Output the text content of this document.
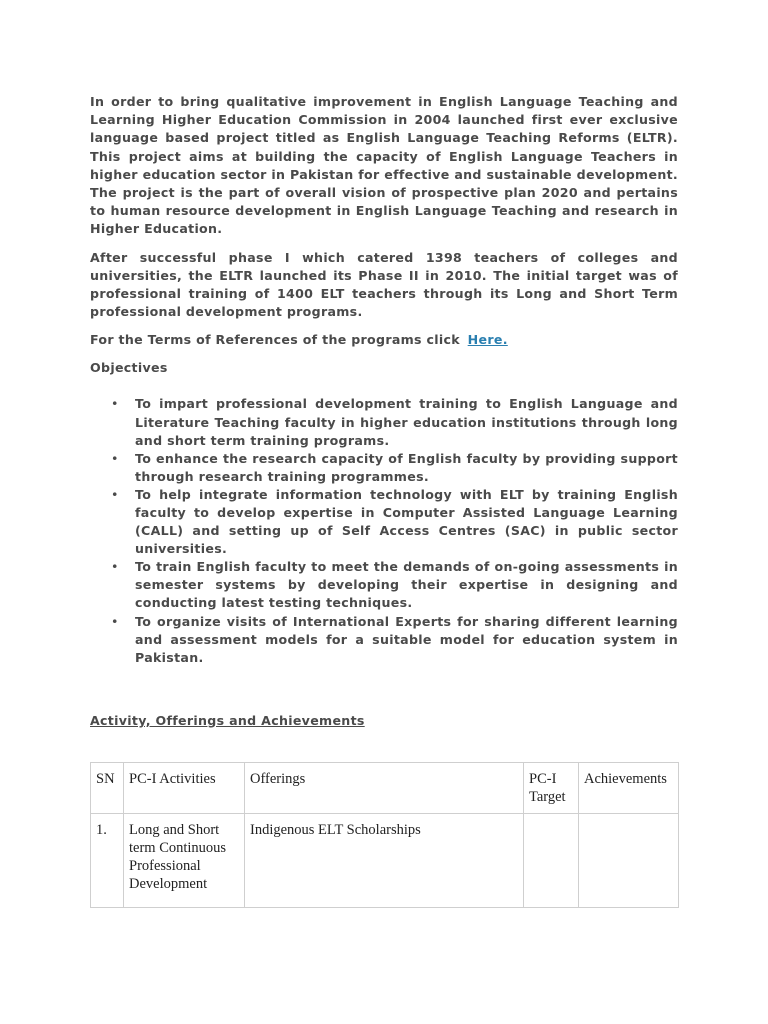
In order to bring qualitative improvement in English Language Teaching and Learning Higher Education Commission in 2004 launched first ever exclusive language based project titled as English Language Teaching Reforms (ELTR). This project aims at building the capacity of English Language Teachers in higher education sector in Pakistan for effective and sustainable development. The project is the part of overall vision of prospective plan 2020 and pertains to human resource development in English Language Teaching and research in Higher Education.

After successful phase I which catered 1398 teachers of colleges and universities, the ELTR launched its Phase II in 2010. The initial target was of professional training of 1400 ELT teachers through its Long and Short Term professional development programs.

For the Terms of References of the programs click Here.

Objectives

• To impart professional development training to English Language and Literature Teaching faculty in higher education institutions through long and short term training programs.
• To enhance the research capacity of English faculty by providing support through research training programmes.
• To help integrate information technology with ELT by training English faculty to develop expertise in Computer Assisted Language Learning (CALL) and setting up of Self Access Centres (SAC) in public sector universities.
• To train English faculty to meet the demands of on-going assessments in semester systems by developing their expertise in designing and conducting latest testing techniques.
• To organize visits of International Experts for sharing different learning and assessment models for a suitable model for education system in Pakistan.

Activity, Offerings and Achievements

SN	PC-I Activities	Offerings	PC-I Target	Achievements
1.	Long and Short term Continuous Professional Development	Indigenous ELT Scholarships		
